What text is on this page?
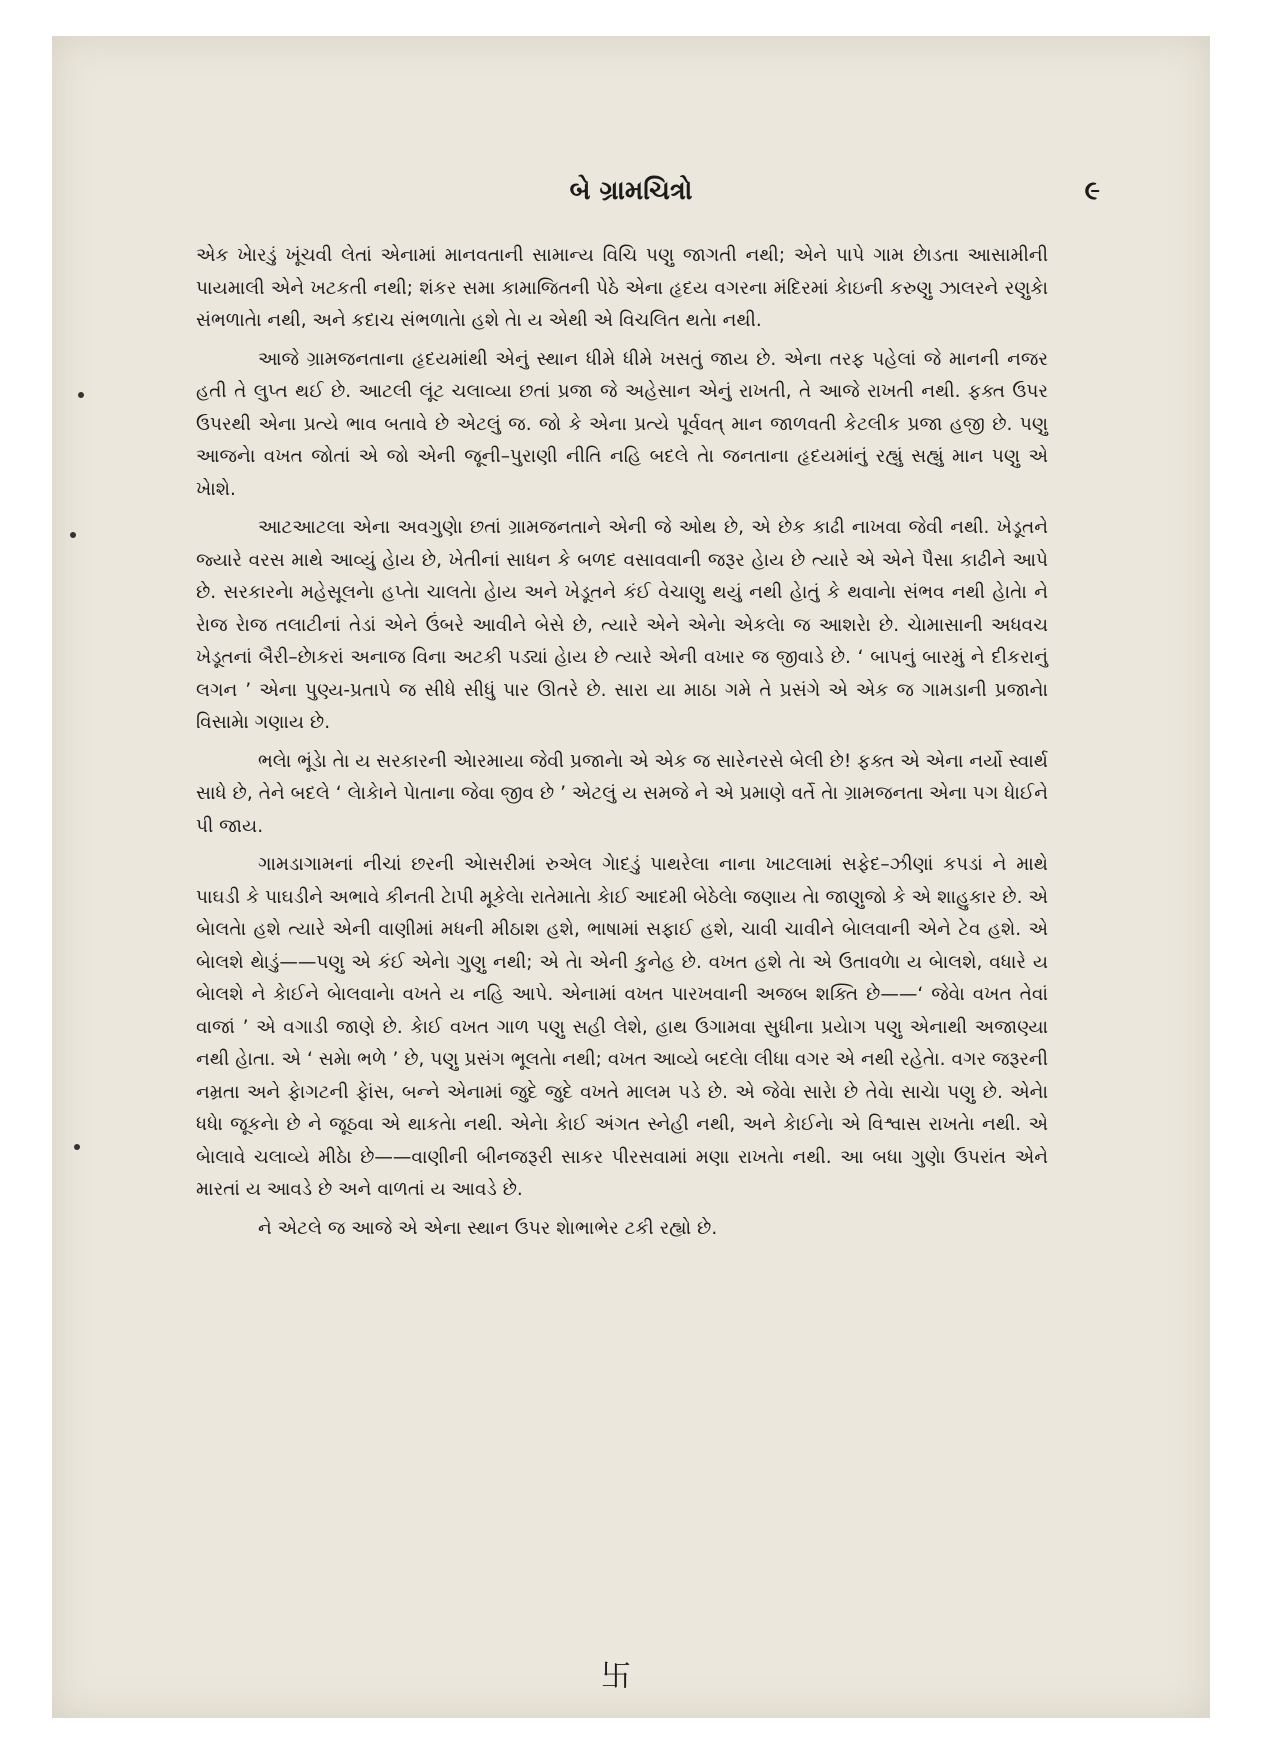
બે ગ્રામચિત્રો	૯

એક ખેારડું ખૂંચવી લેતાં એનામાં માનવતાની સામાન્ય વિચિ પણુ જાગતી નથી; એને પાપે ગામ છેાડતા આસામીની પાયમાલી એને ખટકતી નથી; શંકર સમા કામાજિતની પેઠે એના હૃદય વગરના મંદિરમાં કેાઇની કરુણુ ઝાલરને રણુકેા સંભળાતેા નથી, અને કદાચ સંભળાતેા હશે તેા ય એથી એ વિચલિત થતેા નથી.

આજે ગ્રામજનતાના હૃદયમાંથી એનું સ્થાન ધીમે ધીમે ખસતું જાય છે. એના તરફ પહેલાં જે માનની નજર હતી તે લુપ્ત થઈ છે. આટલી લૂંટ ચલાવ્યા છતાં પ્રજા જે અહેસાન એનું રાખતી, તે આજે રાખતી નથી. ફક્ત ઉપર ઉપરથી એના પ્રત્યે ભાવ બતાવે છે એટલું જ. જો કે એના પ્રત્યે પૂર્વવત્ માન જાળવતી કેટલીક પ્રજા હજી છે. પણુ આજનેા વખત જોતાં એ જો એની જૂની–પુરાણી નીતિ નહિ બદલે તેા જનતાના હૃદયમાંનું રહ્યું સહ્યું માન પણુ એ ખેાશે.

આટઆટલા એના અવગુણેા છતાં ગ્રામજનતાને એની જે ઓથ છે, એ છેક કાઢી નાખવા જેવી નથી. ખેડૂતને જ્યારે વરસ માથે આવ્યું હેાય છે, ખેતીનાં સાધન કે બળદ વસાવવાની જરૂર હેાય છે ત્યારે એ એને પૈસા કાઢીને આપે છે. સરકારનેા મહેસૂલનેા હપ્તેા ચાલતેા હેાય અને ખેડૂતને કંઈ વેચાણુ થયું નથી હેાતું કે થવાનેા સંભવ નથી હેાતેા ને રેાજ રેાજ તલાટીનાં તેડાં એને ઉંબરે આવીને બેસે છે, ત્યારે એને એનેા એકલેા જ આશરેા છે. ચેામાસાની અધવચ ખેડૂતનાં બૈરી–છેાકરાં અનાજ વિના અટકી પડ્યાં હેાય છે ત્યારે એની વખાર જ જીવાડે છે. ‘ બાપનું બારમું ને દીકરાનું લગન ’ એના પુણ્ય-પ્રતાપે જ સીધે સીધું પાર ઊતરે છે. સારા યા માઠા ગમે તે પ્રસંગે એ એક જ ગામડાની પ્રજાનેા વિસામેા ગણાય છે.

ભલેા ભૂંડેા તેા ય સરકારની એારમાયા જેવી પ્રજાનેા એ એક જ સારેનરસે બેલી છે! ફક્ત એ એના નર્યો સ્વાર્થ સાધે છે, તેને બદલે ‘ લેાકેાને પેાતાના જેવા જીવ છે ’ એટલું ય સમજે ને એ પ્રમાણે વર્તે તેા ગ્રામજનતા એના પગ ધેાઈને પી જાય.

ગામડાગામનાં નીચાં છરની એાસરીમાં રુએલ ગેાદડું પાથરેલા નાના ખાટલામાં સફેદ–ઝીણાં કપડાં ને માથે પાઘડી કે પાઘડીને અભાવે કીનતી ટેાપી મૂકેલેા રાતેમાતેા કેાઈ આદમી બેઠેલેા જણાય તેા જાણુજો કે એ શાહુકાર છે. એ બેાલતેા હશે ત્યારે એની વાણીમાં મધની મીઠાશ હશે, ભાષામાં સફાઈ હશે, ચાવી ચાવીને બેાલવાની એને ટેવ હશે. એ બેાલશે થેાડું——પણુ એ કંઈ એનેા ગુણુ નથી; એ તેા એની કુનેહ છે. વખત હશે તેા એ ઉતાવળેા ય બેાલશે, વધારે ય બેાલશે ને કેાઈને બેાલવાનેા વખતે ય નહિ આપે. એનામાં વખત પારખવાની અજબ શક્તિ છે——‘ જેવેા વખત તેવાં વાજાં ’ એ વગાડી જાણે છે. કેાઈ વખત ગાળ પણુ સહી લેશે, હાથ ઉગામવા સુધીના પ્રયેાગ પણુ એનાથી અજાણ્યા નથી હેાતા. એ ‘ સમેા ભળે ’ છે, પણુ પ્રસંગ ભૂલતેા નથી; વખત આવ્યે બદલેા લીધા વગર એ નથી રહેતેા. વગર જરૂરની નમ્રતા અને ફેાગટની ફેાંસ, બન્ને એનામાં જુદે જુદે વખતે માલમ પડે છે. એ જેવેા સારાે છે તેવેા સાચેા પણુ છે. એનેા ધધેા જૂકનેા છે ને જૂઠવા એ થાકતેા નથી. એનેા કેાઈ અંગત સ્નેહી નથી, અને કેાઈનેા એ વિશ્વાસ રાખતેા નથી. એ બેાલાવે ચલાવ્યે મીઠેા છે——વાણીની બીનજરૂરી સાકર પીરસવામાં મણા રાખતેા નથી. આ બધા ગુણેા ઉપરાંત એને મારતાં ય આવડે છે અને વાળતાં ય આવડે છે.

ને એટલે જ આજે એ એના સ્થાન ઉપર શેાભાભેર ટકી રહ્યો છે.

卐
